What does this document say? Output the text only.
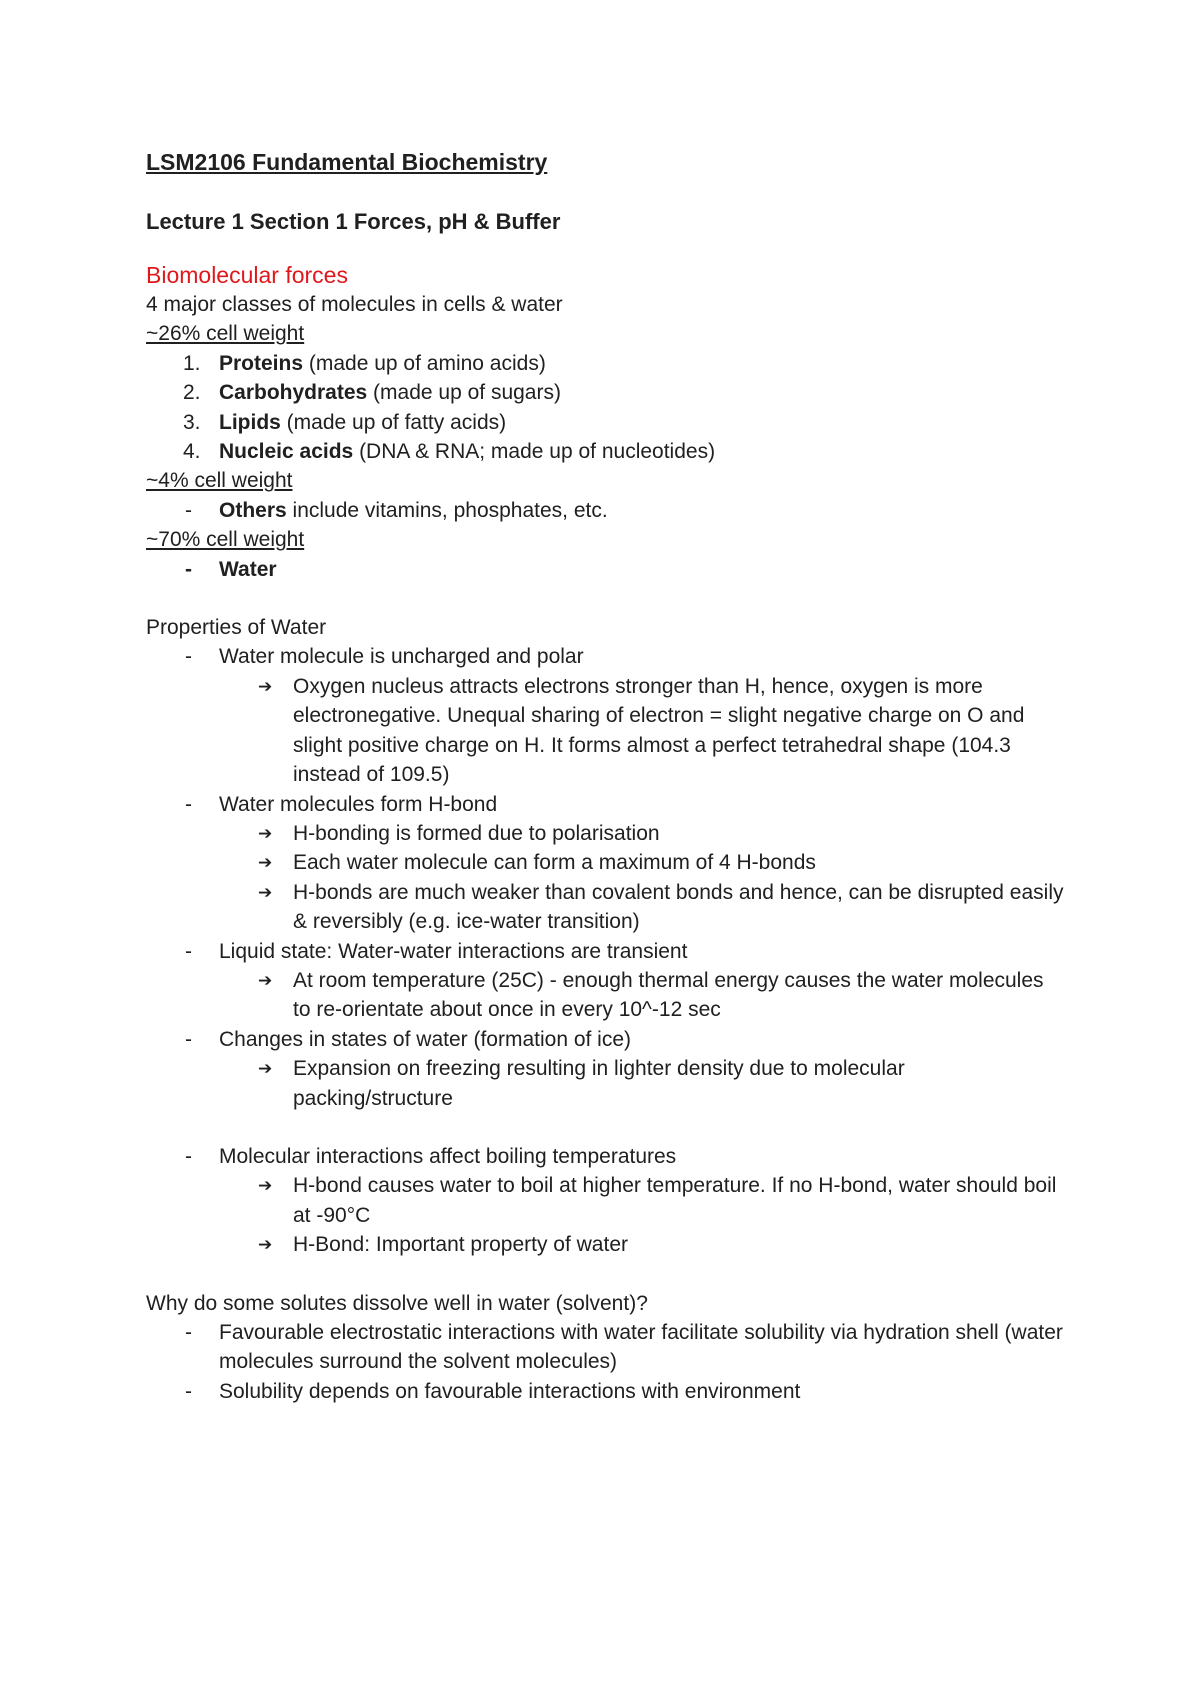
LSM2106 Fundamental Biochemistry

Lecture 1 Section 1 Forces, pH & Buffer

Biomolecular forces

4 major classes of molecules in cells & water

~26% cell weight

1. Proteins (made up of amino acids)
2. Carbohydrates (made up of sugars)
3. Lipids (made up of fatty acids)
4. Nucleic acids (DNA & RNA; made up of nucleotides)

~4% cell weight

- Others include vitamins, phosphates, etc.

~70% cell weight

- Water

Properties of Water

- Water molecule is uncharged and polar
➔ Oxygen nucleus attracts electrons stronger than H, hence, oxygen is more electronegative. Unequal sharing of electron = slight negative charge on O and slight positive charge on H. It forms almost a perfect tetrahedral shape (104.3 instead of 109.5)
- Water molecules form H-bond
➔ H-bonding is formed due to polarisation
➔ Each water molecule can form a maximum of 4 H-bonds
➔ H-bonds are much weaker than covalent bonds and hence, can be disrupted easily & reversibly (e.g. ice-water transition)
- Liquid state: Water-water interactions are transient
➔ At room temperature (25C) - enough thermal energy causes the water molecules to re-orientate about once in every 10^-12 sec
- Changes in states of water (formation of ice)
➔ Expansion on freezing resulting in lighter density due to molecular packing/structure
- Molecular interactions affect boiling temperatures
➔ H-bond causes water to boil at higher temperature. If no H-bond, water should boil at -90°C
➔ H-Bond: Important property of water

Why do some solutes dissolve well in water (solvent)?

- Favourable electrostatic interactions with water facilitate solubility via hydration shell (water molecules surround the solvent molecules)
- Solubility depends on favourable interactions with environment
